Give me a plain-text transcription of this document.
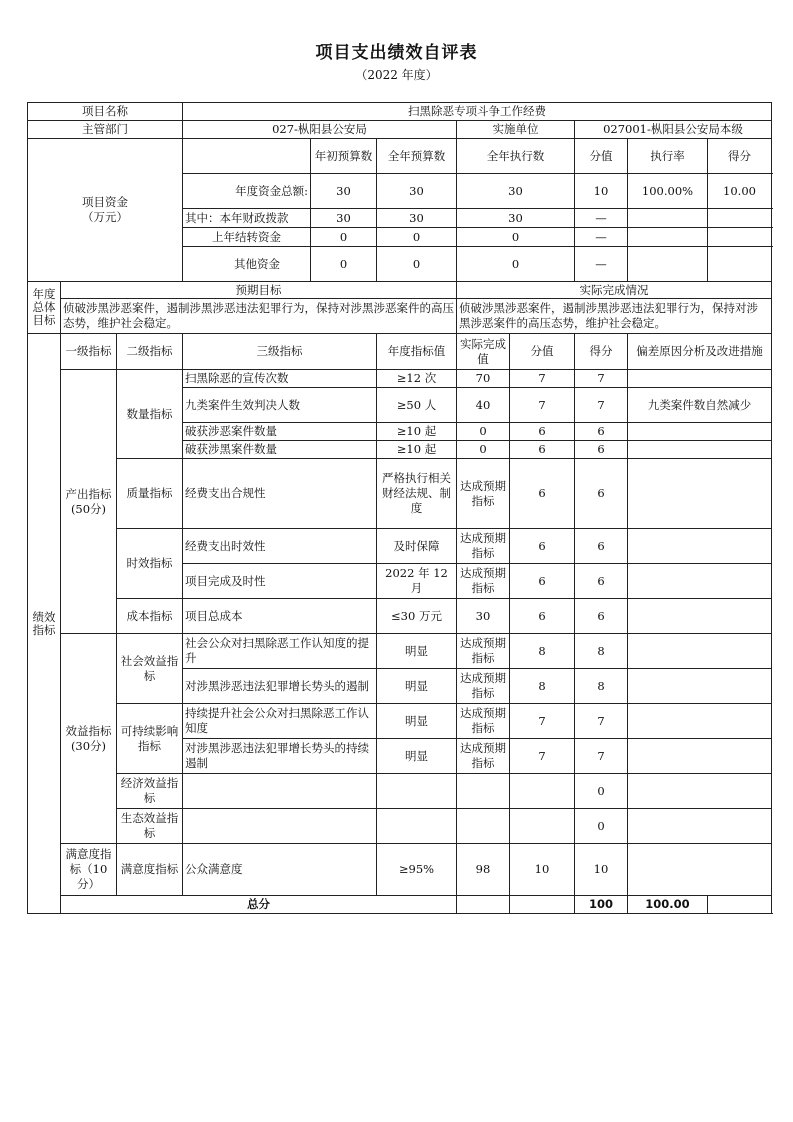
项目支出绩效自评表
（2022 年度）
项目名称			扫黑除恶专项斗争工作经费							
主管部门			027-枞阳县公安局			实施单位		027001-枞阳县公安局本级		
项目资金
（万元）				年初预算数	全年预算数	全年执行数		分值	执行率	得分
			年度资金总额:	30	30	30		10	100.00%	10.00
			其中：本年财政拨款	30	30	30		—		
			上年结转资金	0	0	0		—		
			其他资金	0	0	0		—		
年度总体目标	预期目标					实际完成情况				
	侦破涉黑涉恶案件，遏制涉黑涉恶违法犯罪行为，保持对涉黑涉恶案件的高压态势，维护社会稳定。					侦破涉黑涉恶案件，遏制涉黑涉恶违法犯罪行为，保持对涉黑涉恶案件的高压态势，维护社会稳定。				
绩效指标	一级指标	二级指标	三级指标		年度指标值	实际完成值	分值	得分	偏差原因分析及改进措施	
	产出指标(50分)	数量指标	扫黑除恶的宣传次数		≥12 次	70	7	7		
			九类案件生效判决人数		≥50 人	40	7	7	九类案件数自然减少	
			破获涉恶案件数量		≥10 起	0	6	6		
			破获涉黑案件数量		≥10 起	0	6	6		
		质量指标	经费支出合规性		严格执行相关财经法规、制度	达成预期指标	6	6		
		时效指标	经费支出时效性		及时保障	达成预期指标	6	6		
			项目完成及时性		2022 年 12 月	达成预期指标	6	6		
		成本指标	项目总成本		≤30 万元	30	6	6		
	效益指标(30分)	社会效益指标	社会公众对扫黑除恶工作认知度的提升		明显	达成预期指标	8	8		
			对涉黑涉恶违法犯罪增长势头的遏制		明显	达成预期指标	8	8		
		可持续影响指标	持续提升社会公众对扫黑除恶工作认知度		明显	达成预期指标	7	7		
			对涉黑涉恶违法犯罪增长势头的持续遏制		明显	达成预期指标	7	7		
		经济效益指标						0		
		生态效益指标						0		
	满意度指标（10分）	满意度指标	公众满意度		≥95%	98	10	10		
	总分							100	100.00	
